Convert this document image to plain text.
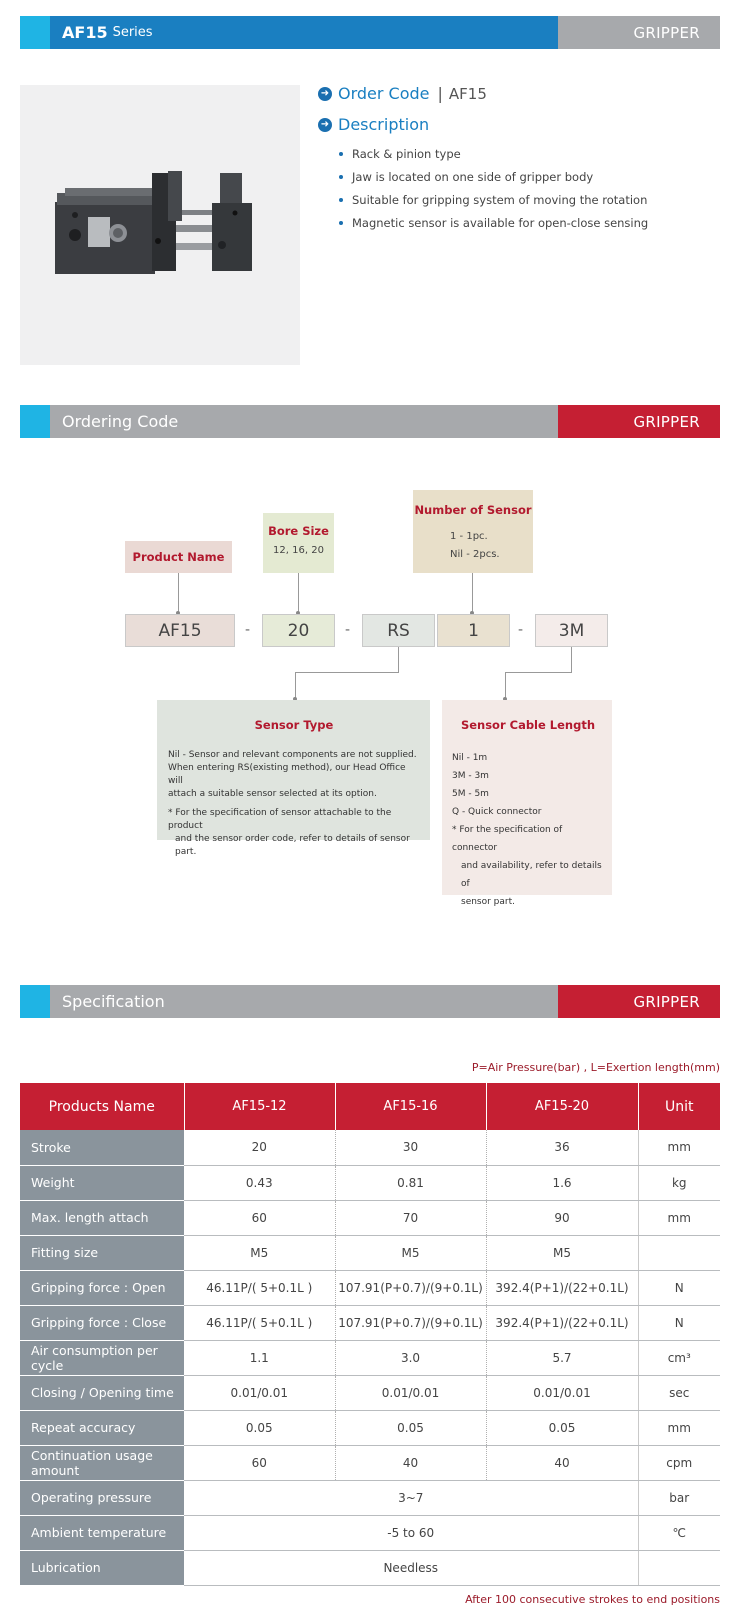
AF15 Series	GRIPPER
➜ Order Code | AF15
➜ Description
Rack & pinion type
Jaw is located on one side of gripper body
Suitable for gripping system of moving the rotation
Magnetic sensor is available for open-close sensing
Ordering Code	GRIPPER
Product Name
Bore Size
12, 16, 20
Number of Sensor
1 - 1pc.
Nil - 2pcs.
AF15	-	20	-	RS	1	-	3M
Sensor Type
Nil - Sensor and relevant components are not supplied.
When entering RS(existing method), our Head Office will
attach a suitable sensor selected at its option.
* For the specification of sensor attachable to the product
and the sensor order code, refer to details of sensor part.
Sensor Cable Length
Nil - 1m
3M - 3m
5M - 5m
Q - Quick connector
* For the specification of connector
and availability, refer to details of
sensor part.
Specification	GRIPPER
P=Air Pressure(bar) , L=Exertion length(mm)
Products Name	AF15-12	AF15-16	AF15-20	Unit
Stroke	20	30	36	mm
Weight	0.43	0.81	1.6	kg
Max. length attach	60	70	90	mm
Fitting size	M5	M5	M5	
Gripping force : Open	46.11P/( 5+0.1L )	107.91(P+0.7)/(9+0.1L)	392.4(P+1)/(22+0.1L)	N
Gripping force : Close	46.11P/( 5+0.1L )	107.91(P+0.7)/(9+0.1L)	392.4(P+1)/(22+0.1L)	N
Air consumption per cycle	1.1	3.0	5.7	cm³
Closing / Opening time	0.01/0.01	0.01/0.01	0.01/0.01	sec
Repeat accuracy	0.05	0.05	0.05	mm
Continuation usage amount	60	40	40	cpm
Operating pressure	3~7			bar
Ambient temperature	-5 to 60			℃
Lubrication	Needless			
After 100 consecutive strokes to end positions
